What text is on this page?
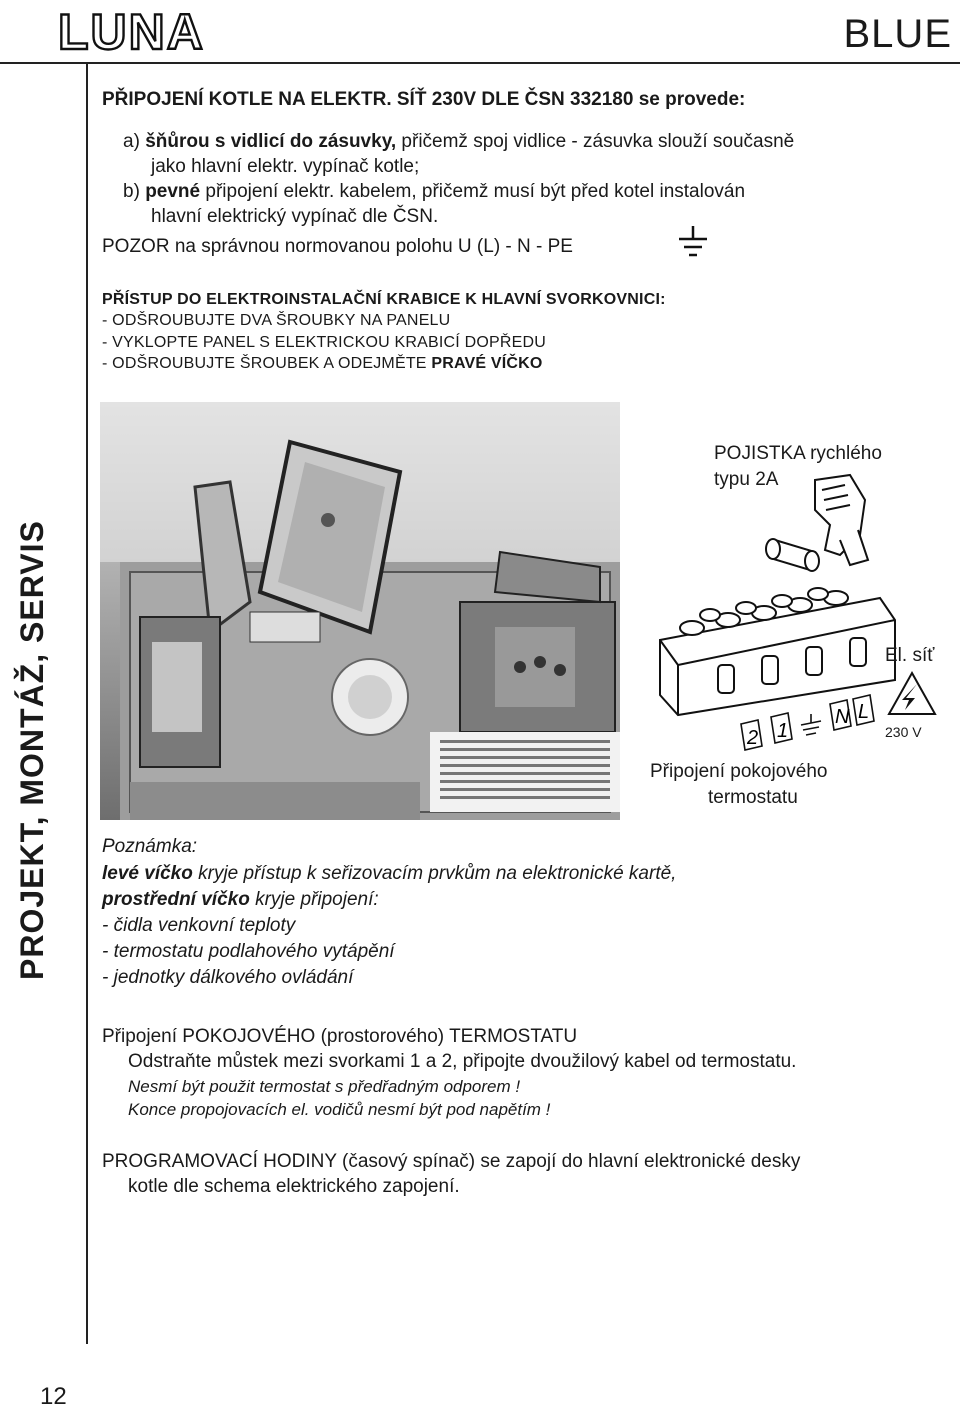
LUNA	BLUE
PROJEKT, MONTÁŽ, SERVIS
12
PŘIPOJENÍ KOTLE NA ELEKTR. SÍŤ 230V DLE ČSN 332180 se provede:
a) šňůrou s vidlicí do zásuvky, přičemž spoj vidlice - zásuvka slouží současně
jako hlavní elektr. vypínač kotle;
b) pevné připojení elektr. kabelem, přičemž musí být před kotel instalován
hlavní elektrický vypínač dle ČSN.
POZOR na správnou normovanou polohu U (L) - N - PE
PŘÍSTUP DO ELEKTROINSTALAČNÍ KRABICE K HLAVNÍ SVORKOVNICI:
- ODŠROUBUJTE DVA ŠROUBKY NA PANELU
- VYKLOPTE PANEL S ELEKTRICKOU KRABICÍ DOPŘEDU
- ODŠROUBUJTE ŠROUBEK A ODEJMĚTE PRAVÉ VÍČKO
2 1
N L
POJISTKA rychlého
typu 2A
El. síť
230 V
Připojení pokojového
termostatu
Poznámka:
levé víčko kryje přístup k seřizovacím prvkům na elektronické kartě,
prostřední víčko kryje připojení:
- čidla venkovní teploty
- termostatu podlahového vytápění
- jednotky dálkového ovládání
Připojení POKOJOVÉHO (prostorového) TERMOSTATU
Odstraňte můstek mezi svorkami 1 a 2, připojte dvoužilový kabel od termostatu.
Nesmí být použit termostat s předřadným odporem !
Konce propojovacích el. vodičů nesmí být pod napětím !
PROGRAMOVACÍ HODINY (časový spínač) se zapojí do hlavní elektronické desky
kotle dle schema elektrického zapojení.
